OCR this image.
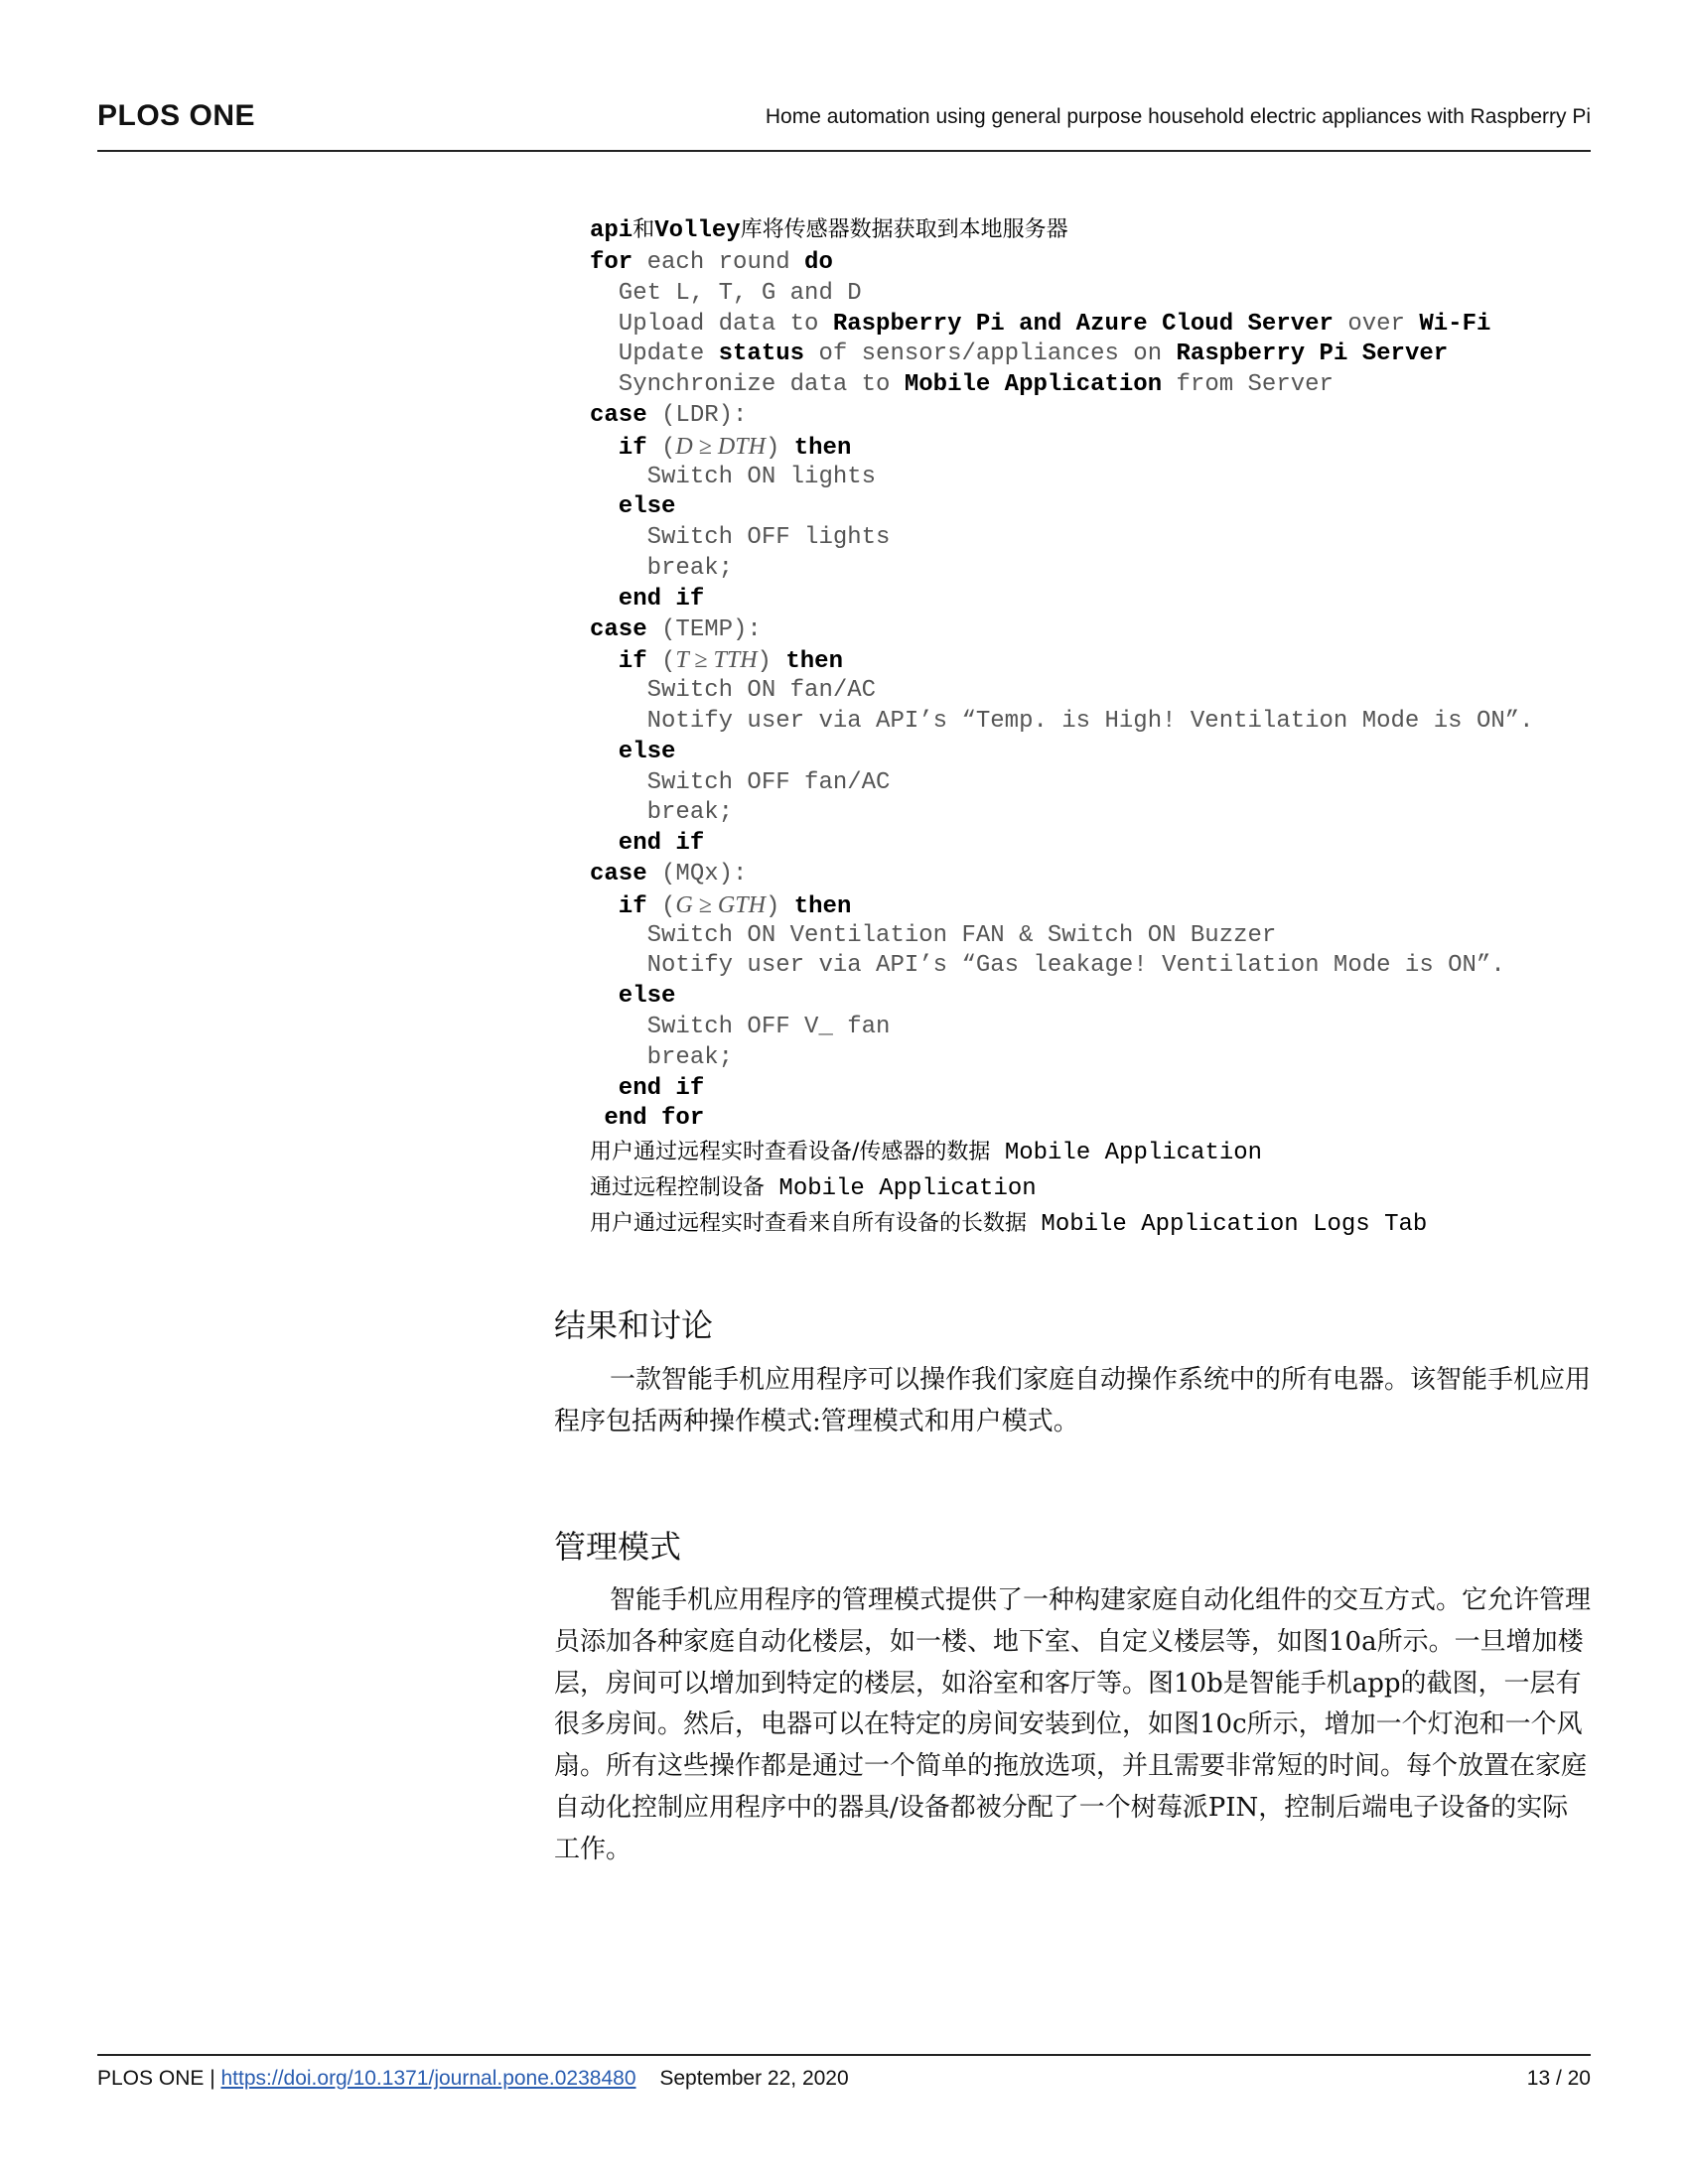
PLOS ONE	Home automation using general purpose household electric appliances with Raspberry Pi
api和Volley库将传感器数据获取到本地服务器
for each round do
Get L, T, G and D
Upload data to Raspberry Pi and Azure Cloud Server over Wi-Fi
Update status of sensors/appliances on Raspberry Pi Server
Synchronize data to Mobile Application from Server
case (LDR):
if (D ≥ DTH) then
Switch ON lights
else
Switch OFF lights
break;
end if
case (TEMP):
if (T ≥ TTH) then
Switch ON fan/AC
Notify user via API’s “Temp. is High! Ventilation Mode is ON”.
else
Switch OFF fan/AC
break;
end if
case (MQx):
if (G ≥ GTH) then
Switch ON Ventilation FAN & Switch ON Buzzer
Notify user via API’s “Gas leakage! Ventilation Mode is ON”.
else
Switch OFF V_ fan
break;
end if
end for
用户通过远程实时查看设备/传感器的数据 Mobile Application
通过远程控制设备 Mobile Application
用户通过远程实时查看来自所有设备的长数据 Mobile Application Logs Tab
结果和讨论

一款智能手机应用程序可以操作我们家庭自动操作系统中的所有电器。该智能手机应用程序包括两种操作模式:管理模式和用户模式。

管理模式

智能手机应用程序的管理模式提供了一种构建家庭自动化组件的交互方式。它允许管理员添加各种家庭自动化楼层，如一楼、地下室、自定义楼层等，如图10a所示。一旦增加楼层，房间可以增加到特定的楼层，如浴室和客厅等。图10b是智能手机app的截图，一层有很多房间。然后，电器可以在特定的房间安装到位，如图10c所示，增加一个灯泡和一个风扇。所有这些操作都是通过一个简单的拖放选项，并且需要非常短的时间。每个放置在家庭自动化控制应用程序中的器具/设备都被分配了一个树莓派PIN，控制后端电子设备的实际工作。

PLOS ONE | https://doi.org/10.1371/journal.pone.0238480 September 22, 2020	13 / 20
